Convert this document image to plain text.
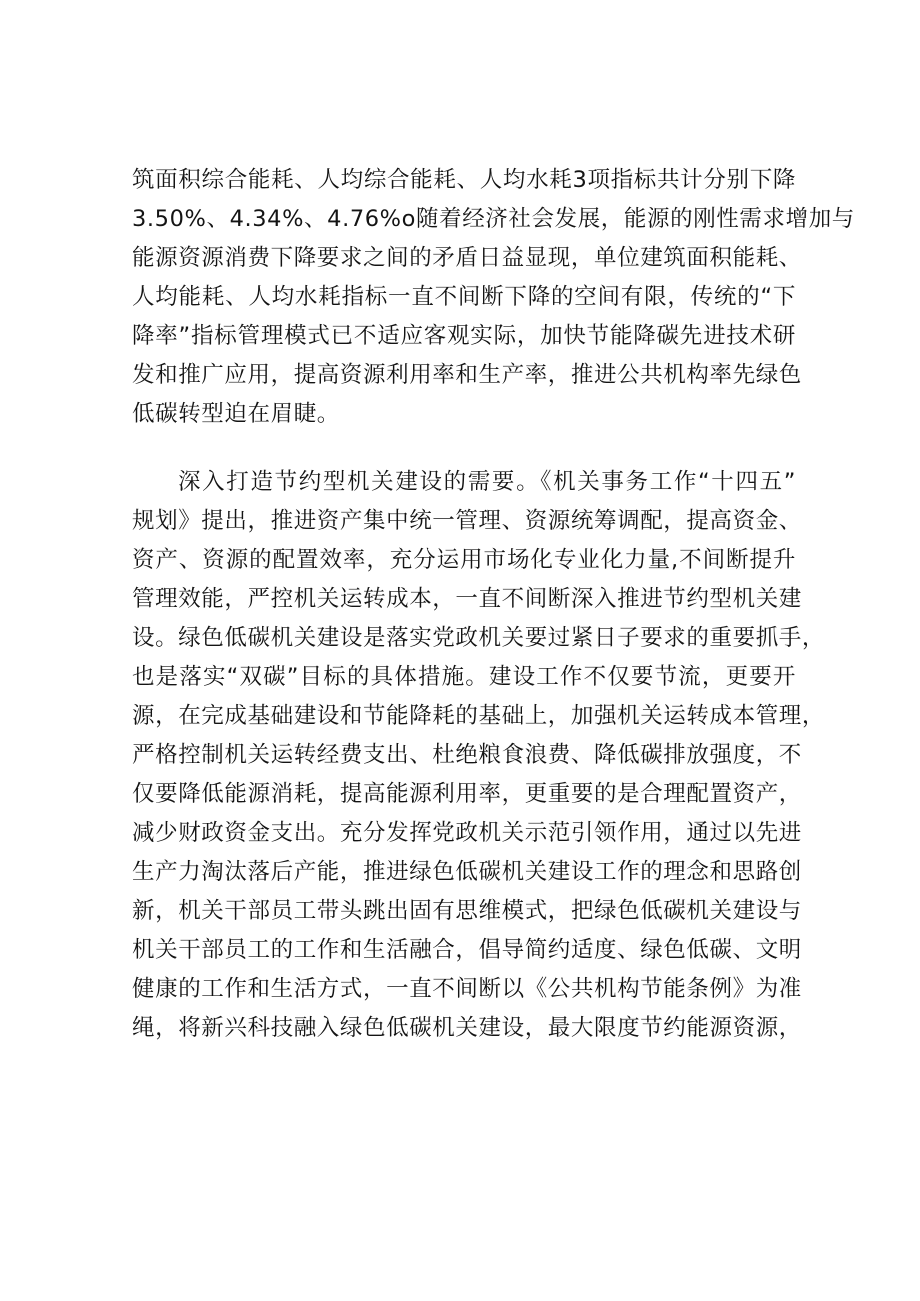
筑面积综合能耗、人均综合能耗、人均水耗3项指标共计分别下降
3.50%、4.34%、4.76%o随着经济社会发展，能源的刚性需求增加与
能源资源消费下降要求之间的矛盾日益显现，单位建筑面积能耗、
人均能耗、人均水耗指标一直不间断下降的空间有限，传统的“下
降率”指标管理模式已不适应客观实际，加快节能降碳先进技术研
发和推广应用，提高资源利用率和生产率，推进公共机构率先绿色
低碳转型迫在眉睫。
深入打造节约型机关建设的需要。《机关事务工作“十四五”
规划》提出，推进资产集中统一管理、资源统筹调配，提高资金、
资产、资源的配置效率，充分运用市场化专业化力量,不间断提升
管理效能，严控机关运转成本，一直不间断深入推进节约型机关建
设。绿色低碳机关建设是落实党政机关要过紧日子要求的重要抓手，
也是落实“双碳”目标的具体措施。建设工作不仅要节流，更要开
源，在完成基础建设和节能降耗的基础上，加强机关运转成本管理，
严格控制机关运转经费支出、杜绝粮食浪费、降低碳排放强度，不
仅要降低能源消耗，提高能源利用率，更重要的是合理配置资产，
减少财政资金支出。充分发挥党政机关示范引领作用，通过以先进
生产力淘汰落后产能，推进绿色低碳机关建设工作的理念和思路创
新，机关干部员工带头跳出固有思维模式，把绿色低碳机关建设与
机关干部员工的工作和生活融合，倡导简约适度、绿色低碳、文明
健康的工作和生活方式，一直不间断以《公共机构节能条例》为准
绳，将新兴科技融入绿色低碳机关建设，最大限度节约能源资源，
